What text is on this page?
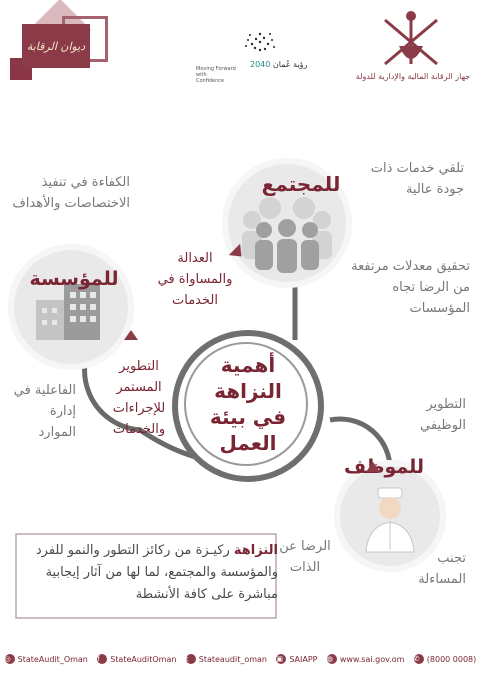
ديوان الرقابة
رؤية عُمان 2040
Moving Forward with Confidence	جهاز الرقابة المالية والإدارية للدولة
للمجتمع
تلقي خدمات ذات جودة عالية
تحقيق معدلات مرتفعة من الرضا تجاه المؤسسات
العدالة والمساواة في الخدمات
للمؤسسة
الكفاءة في تنفيذ الاختصاصات والأهداف
الفاعلية في إدارة الموارد
التطوير المستمر للإجراءات والخدمات
أهمية النزاهة في بيئة العمل
للموظف
التطوير الوظيفي
الرضا عن الذات
تجنب المساءلة
النزاهة ركيـزة من ركائز التطور والنمو للفرد والمؤسسة والمجتمع، لما لها من آثار إيجابية مباشرة على كافة الأنشطة
◎ StateAudit_Oman f	StateAuditOman t	Stateaudit_oman ▣ SAIAPP ◍ www.sai.gov.om ✆ (8000 0008)
